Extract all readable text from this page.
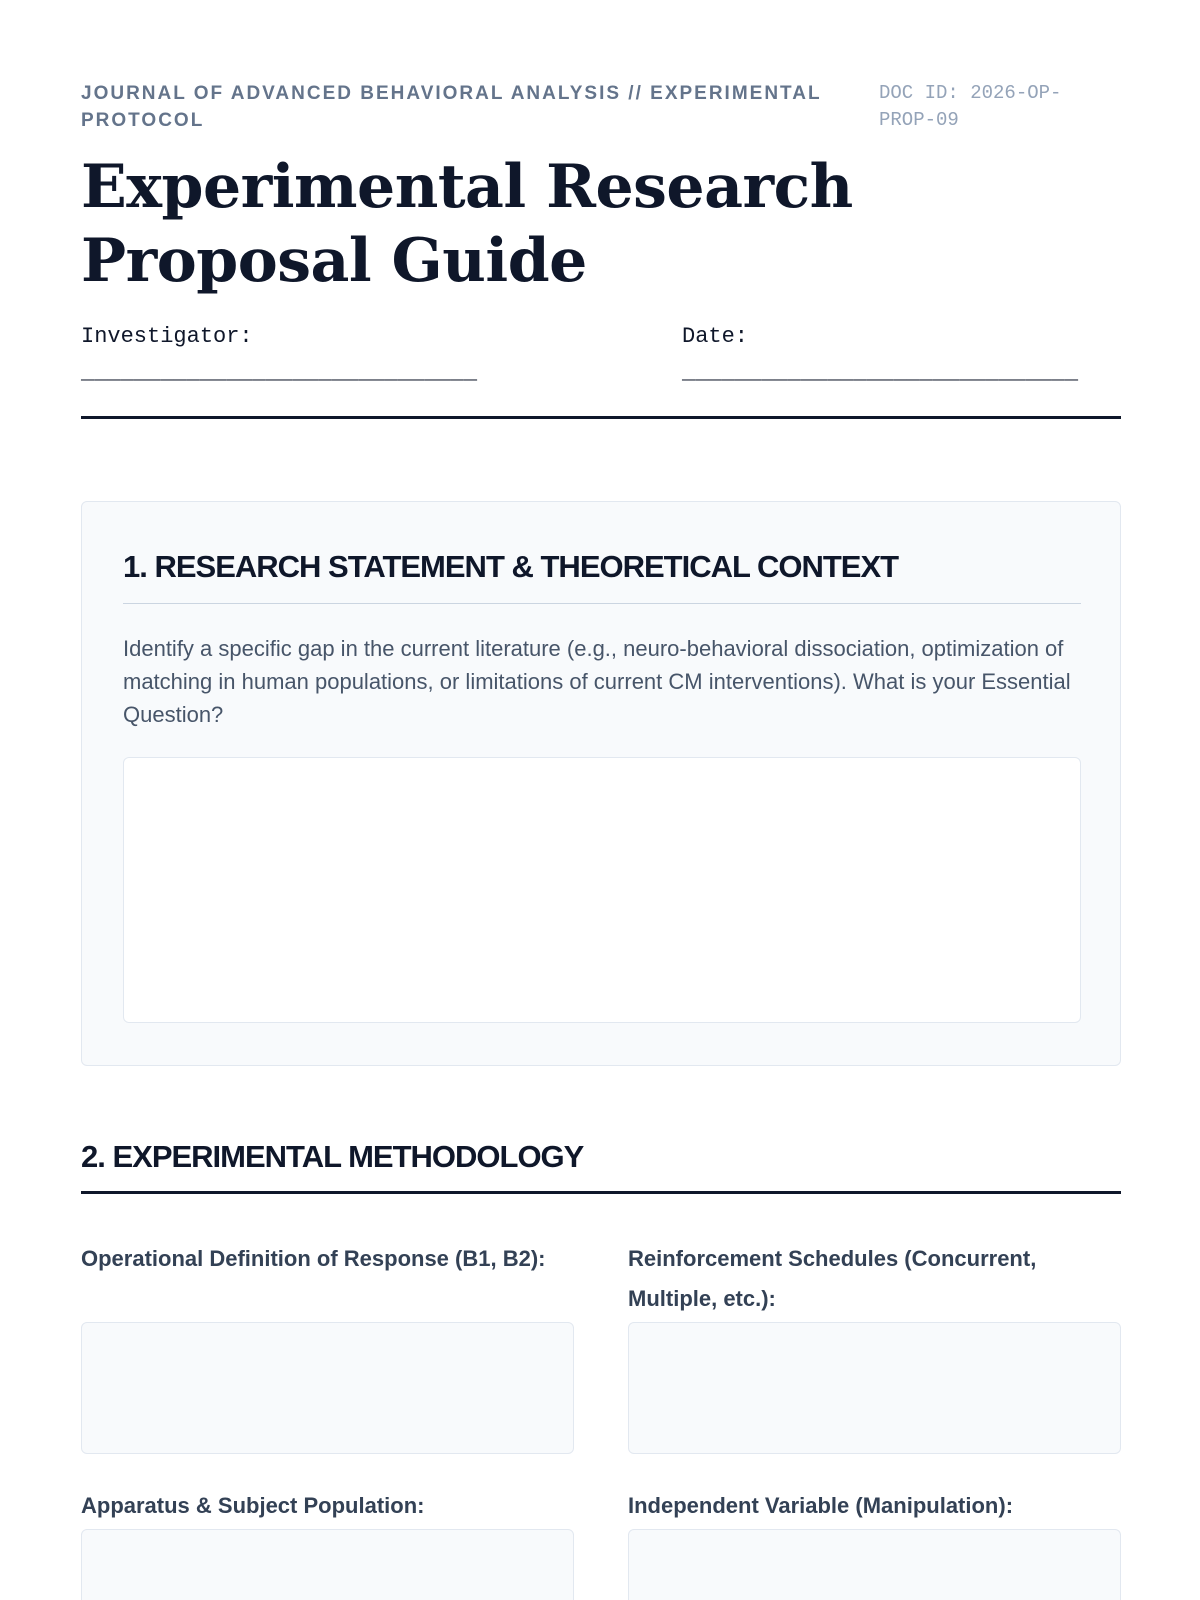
JOURNAL OF ADVANCED BEHAVIORAL ANALYSIS // EXPERIMENTAL PROTOCOL
DOC ID: 2026-OP-PROP-09
Experimental Research Proposal Guide
Investigator:
______________________________
Date:
______________________________
1. RESEARCH STATEMENT & THEORETICAL CONTEXT

Identify a specific gap in the current literature (e.g., neuro-behavioral dissociation, optimization of matching in human populations, or limitations of current CM interventions). What is your Essential Question?

2. EXPERIMENTAL METHODOLOGY
Operational Definition of Response (B1, B2):	Reinforcement Schedules (Concurrent, Multiple, etc.):
Apparatus & Subject Population:	Independent Variable (Manipulation):
